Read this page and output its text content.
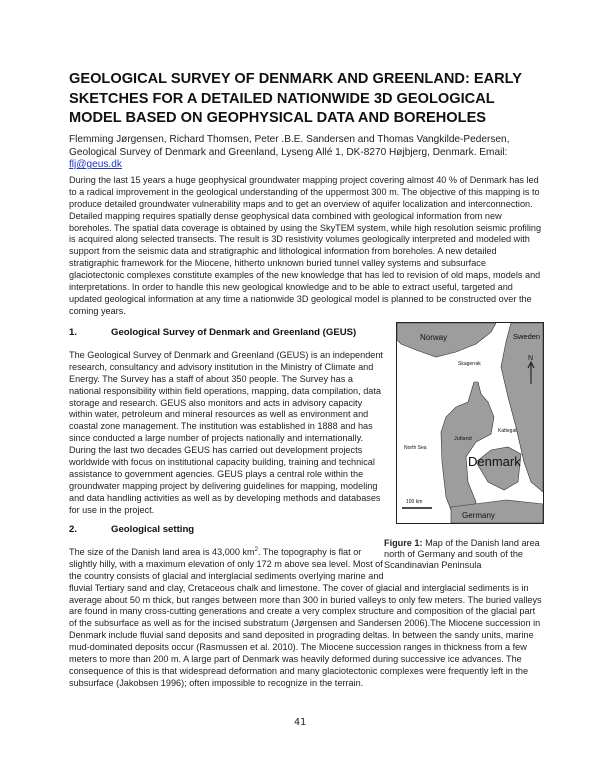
GEOLOGICAL SURVEY OF DENMARK AND GREENLAND: EARLY
SKETCHES FOR A DETAILED NATIONWIDE 3D GEOLOGICAL
MODEL BASED ON GEOPHYSICAL DATA AND BOREHOLES
Flemming Jørgensen, Richard Thomsen, Peter .B.E. Sandersen and Thomas Vangkilde-Pedersen,
Geological Survey of Denmark and Greenland, Lyseng Allé 1, DK-8270 Højbjerg, Denmark. Email:
flj@geus.dk
During the last 15 years a huge geophysical groundwater mapping project covering almost 40 % of Denmark has led
to a radical improvement in the geological understanding of the uppermost 300 m. The objective of this mapping is to
produce detailed groundwater vulnerability maps and to get an overview of aquifer localization and interconnection.
Detailed mapping requires spatially dense geophysical data combined with geological information from new
boreholes. The spatial data coverage is obtained by using the SkyTEM system, while high resolution seismic profiling
is acquired along selected transects. The result is 3D resistivity volumes geologically interpreted and modeled with
support from the seismic data and stratigraphic and lithological information from boreholes. A new detailed
stratigraphic framework for the Miocene, hitherto unknown buried tunnel valley systems and subsurface
glaciotectonic complexes constitute examples of the new knowledge that has led to revision of old maps, models and
interpretations. In order to handle this new geological knowledge and to be able to extract useful, targeted and
updated geological information at any time a nationwide 3D geological model is planned to be constructed over the
coming years.
1.	Geological Survey of Denmark and Greenland (GEUS)
The Geological Survey of Denmark and Greenland (GEUS) is an independent
research, consultancy and advisory institution in the Ministry of Climate and
Energy. The Survey has a staff of about 350 people. The Survey has a
national responsibility within field operations, mapping, data compilation, data
storage and research. GEUS also monitors and acts in advisory capacity
within water, petroleum and mineral resources as well as environment and
coastal zone management. The institution was established in 1888 and has
since conducted a large number of projects nationally and internationally.
During the last two decades GEUS has carried out development projects
worldwide with focus on institutional capacity building, training and technical
assistance to government agencies. GEUS plays a central role within the
groundwater mapping project by delivering guidelines for mapping, modeling
and data handling activities as well as by developing methods and databases
for use in the project.
2.	Geological setting
The size of the Danish land area is 43,000 $km^2$. The topography is flat or
slightly hilly, with a maximum elevation of only 172 m above sea level. Most of
the country consists of glacial and interglacial sediments overlying marine and
fluvial Tertiary sand and clay, Cretaceous chalk and limestone. The cover of glacial and interglacial sediments is in
average about 50 m thick, but ranges between more than 300 in buried valleys to only few meters. The buried valleys
are found in many cross-cutting generations and create a very complex structure and composition of the glacial part
of the subsurface as well as for the incised substratum (Jørgensen and Sandersen 2006).The Miocene succession in
Denmark include fluvial sand deposits and sand deposited in prograding deltas. In between the sandy units, marine
mud-dominated deposits occur (Rasmussen et al. 2010). The Miocene succession ranges in thickness from a few
meters to more than 200 m. A large part of Denmark was heavily deformed during successive ice advances. The
consequence of this is that widespread deformation and many glaciotectonic complexes were frequently left in the
subsurface (Jakobsen 1996); often impossible to recognize in the terrain.
Norway	Sweden
N
Skagerrak
Kattegat
Jutland
North Sea
Denmark
Germany
100 km
Figure 1: Map of the Danish land area
north of Germany and south of the
Scandinavian Peninsula
41
